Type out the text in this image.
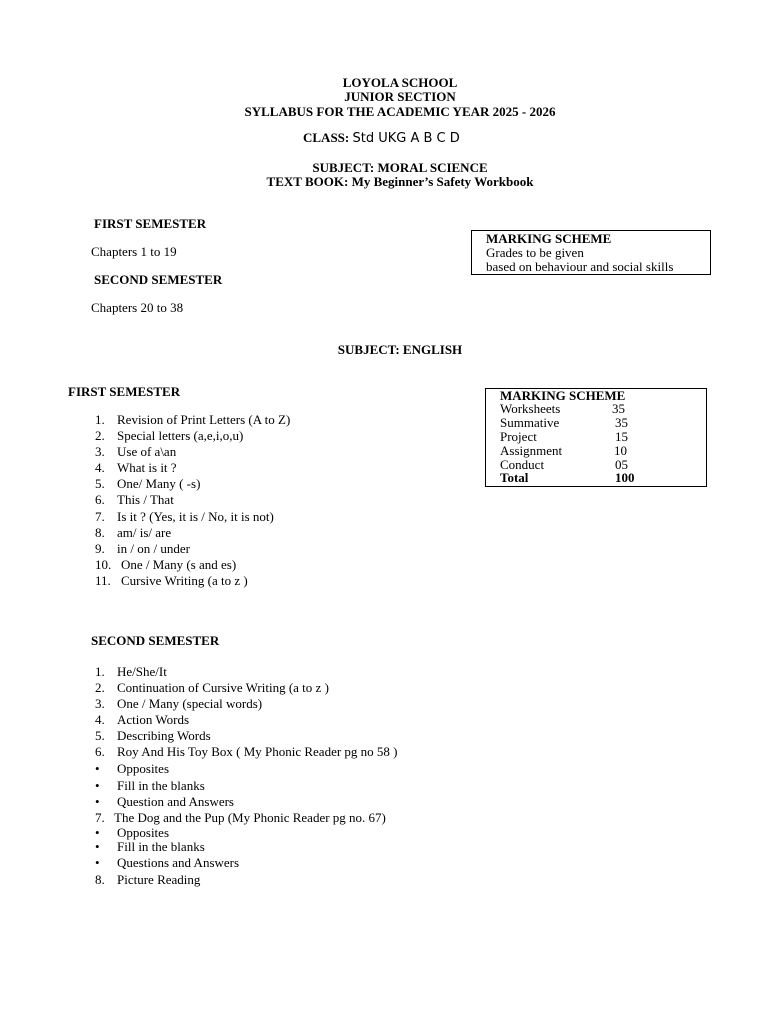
LOYOLA SCHOOL
JUNIOR SECTION
SYLLABUS FOR THE ACADEMIC YEAR 2025 - 2026
CLASS: Std UKG A B C D
SUBJECT: MORAL SCIENCE
TEXT BOOK: My Beginner’s Safety Workbook
FIRST SEMESTER
Chapters 1 to 19
SECOND SEMESTER
Chapters 20 to 38
MARKING SCHEME
Grades to be given
based on behaviour and social skills
SUBJECT: ENGLISH
FIRST SEMESTER
1. Revision of Print Letters (A to Z)
2. Special letters (a,e,i,o,u)
3. Use of a\an
4. What is it ?
5. One/ Many ( -s)
6. This / That
7. Is it ? (Yes, it is / No, it is not)
8. am/ is/ are
9. in / on / under
10. One / Many (s and es)
11. Cursive Writing (a to z )
MARKING SCHEME
Worksheets	35
Summative	35
Project	15
Assignment	10
Conduct	05
Total	100
SECOND SEMESTER
1. He/She/It
2. Continuation of Cursive Writing (a to z )
3. One / Many (special words)
4. Action Words
5. Describing Words
6. Roy And His Toy Box ( My Phonic Reader pg no 58 )
• Opposites
• Fill in the blanks
• Question and Answers
7. The Dog and the Pup (My Phonic Reader pg no. 67)
• Opposites
• Fill in the blanks
• Questions and Answers
8. Picture Reading
